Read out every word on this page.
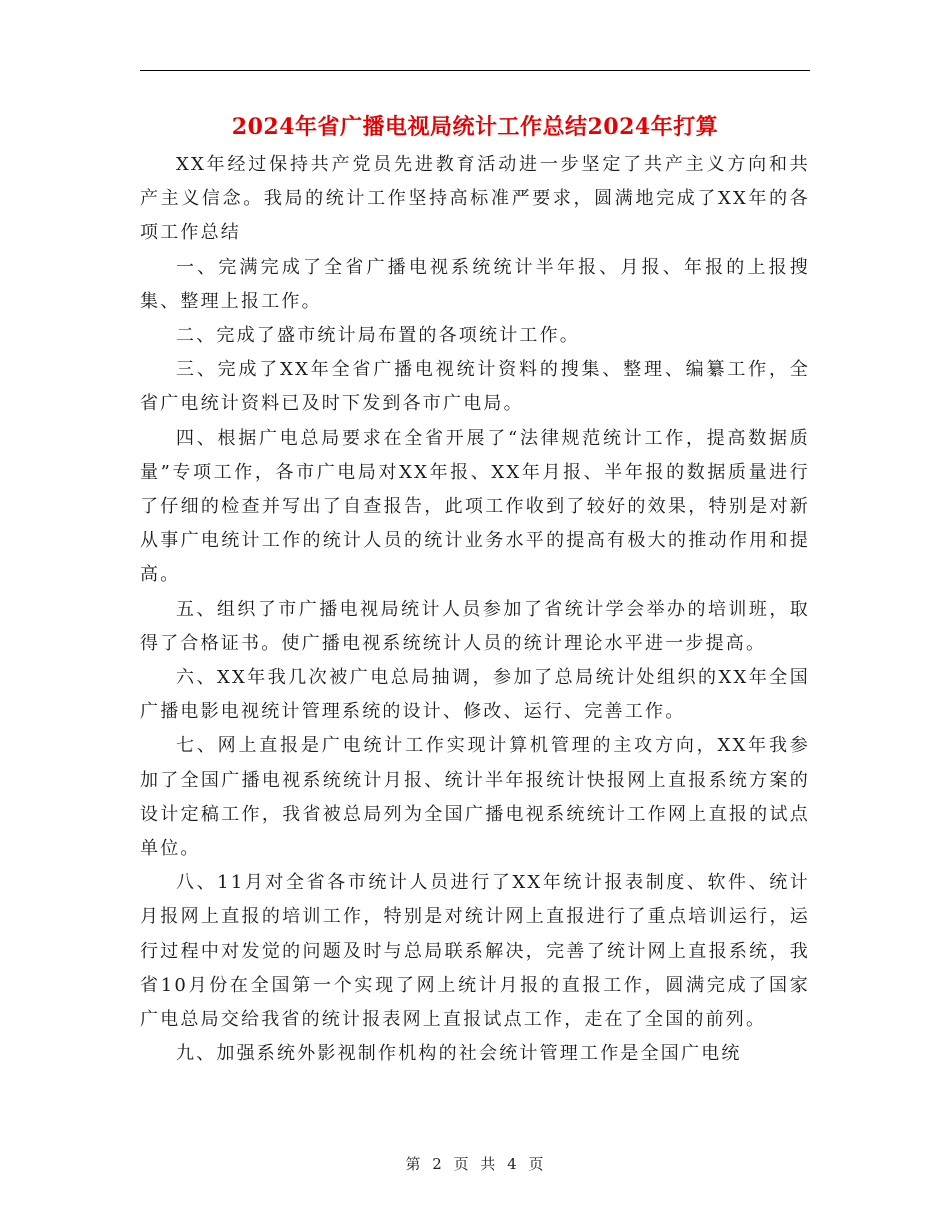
2024年省广播电视局统计工作总结2024年打算

XX年经过保持共产党员先进教育活动进一步坚定了共产主义方向和共产主义信念。我局的统计工作坚持高标准严要求，圆满地完成了XX年的各项工作总结

一、完满完成了全省广播电视系统统计半年报、月报、年报的上报搜集、整理上报工作。

二、完成了盛市统计局布置的各项统计工作。

三、完成了XX年全省广播电视统计资料的搜集、整理、编纂工作，全省广电统计资料已及时下发到各市广电局。

四、根据广电总局要求在全省开展了“法律规范统计工作，提高数据质量”专项工作，各市广电局对XX年报、XX年月报、半年报的数据质量进行了仔细的检查并写出了自查报告，此项工作收到了较好的效果，特别是对新从事广电统计工作的统计人员的统计业务水平的提高有极大的推动作用和提高。

五、组织了市广播电视局统计人员参加了省统计学会举办的培训班，取得了合格证书。使广播电视系统统计人员的统计理论水平进一步提高。

六、XX年我几次被广电总局抽调，参加了总局统计处组织的XX年全国广播电影电视统计管理系统的设计、修改、运行、完善工作。

七、网上直报是广电统计工作实现计算机管理的主攻方向，XX年我参加了全国广播电视系统统计月报、统计半年报统计快报网上直报系统方案的设计定稿工作，我省被总局列为全国广播电视系统统计工作网上直报的试点单位。

八、11月对全省各市统计人员进行了XX年统计报表制度、软件、统计月报网上直报的培训工作，特别是对统计网上直报进行了重点培训运行，运行过程中对发觉的问题及时与总局联系解决，完善了统计网上直报系统，我省10月份在全国第一个实现了网上统计月报的直报工作，圆满完成了国家广电总局交给我省的统计报表网上直报试点工作，走在了全国的前列。

九、加强系统外影视制作机构的社会统计管理工作是全国广电统

第 2 页 共 4 页
